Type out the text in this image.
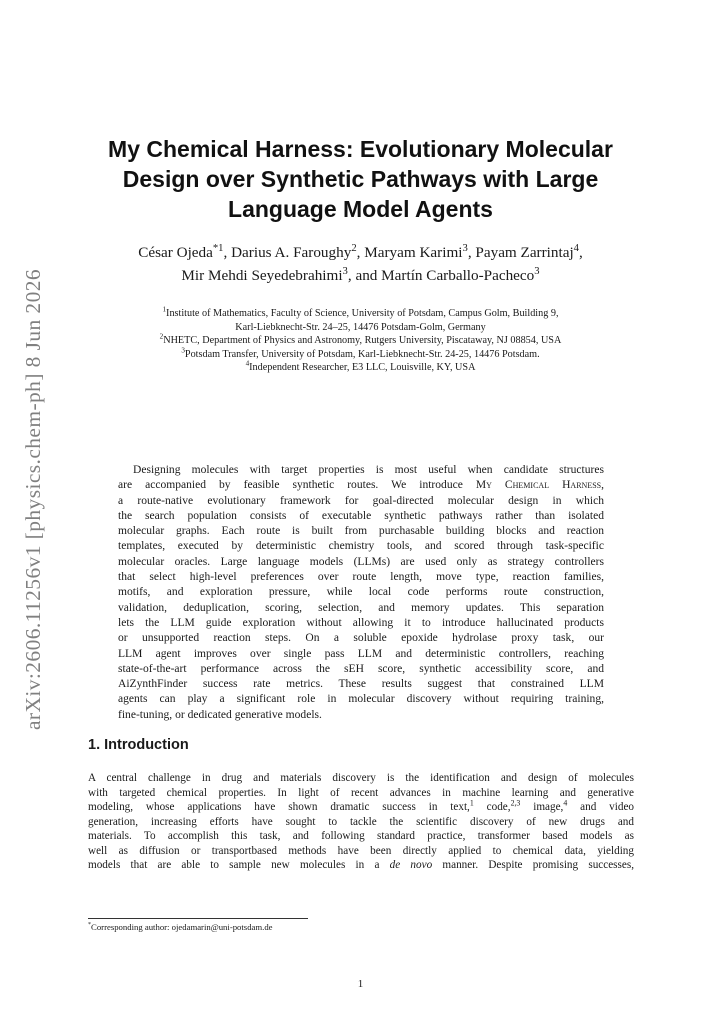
arXiv:2606.11256v1 [physics.chem-ph] 8 Jun 2026
My Chemical Harness: Evolutionary Molecular
Design over Synthetic Pathways with Large
Language Model Agents
César Ojeda$^{*1}$, Darius A. Faroughy$^2$, Maryam Karimi$^3$, Payam Zarrintaj$^4$,
Mir Mehdi Seyedebrahimi$^3$, and Martín Carballo-Pacheco$^3$
$^1$Institute of Mathematics, Faculty of Science, University of Potsdam, Campus Golm, Building 9,
Karl-Liebknecht-Str. 24–25, 14476 Potsdam-Golm, Germany
$^2$NHETC, Department of Physics and Astronomy, Rutgers University, Piscataway, NJ 08854, USA
$^3$Potsdam Transfer, University of Potsdam, Karl-Liebknecht-Str. 24-25, 14476 Potsdam.
$^4$Independent Researcher, E3 LLC, Louisville, KY, USA
Designing molecules with target properties is most useful when candidate structures
are accompanied by feasible synthetic routes. We introduce My Chemical Harness,
a route-native evolutionary framework for goal-directed molecular design in which
the search population consists of executable synthetic pathways rather than isolated
molecular graphs. Each route is built from purchasable building blocks and reaction
templates, executed by deterministic chemistry tools, and scored through task-specific
molecular oracles. Large language models (LLMs) are used only as strategy controllers
that select high-level preferences over route length, move type, reaction families,
motifs, and exploration pressure, while local code performs route construction,
validation, deduplication, scoring, selection, and memory updates. This separation
lets the LLM guide exploration without allowing it to introduce hallucinated products
or unsupported reaction steps. On a soluble epoxide hydrolase proxy task, our
LLM agent improves over single pass LLM and deterministic controllers, reaching
state-of-the-art performance across the sEH score, synthetic accessibility score, and
AiZynthFinder success rate metrics. These results suggest that constrained LLM
agents can play a significant role in molecular discovery without requiring training,
fine-tuning, or dedicated generative models.
1. Introduction
A central challenge in drug and materials discovery is the identification and design of molecules
with targeted chemical properties. In light of recent advances in machine learning and generative
modeling, whose applications have shown dramatic success in text,$^1$ code,$^{2,3}$ image,$^4$ and video
generation, increasing efforts have sought to tackle the scientific discovery of new drugs and
materials. To accomplish this task, and following standard practice, transformer based models as
well as diffusion or transportbased methods have been directly applied to chemical data, yielding
models that are able to sample new molecules in a de novo manner. Despite promising successes,
*Corresponding author: ojedamarin@uni-potsdam.de
1
